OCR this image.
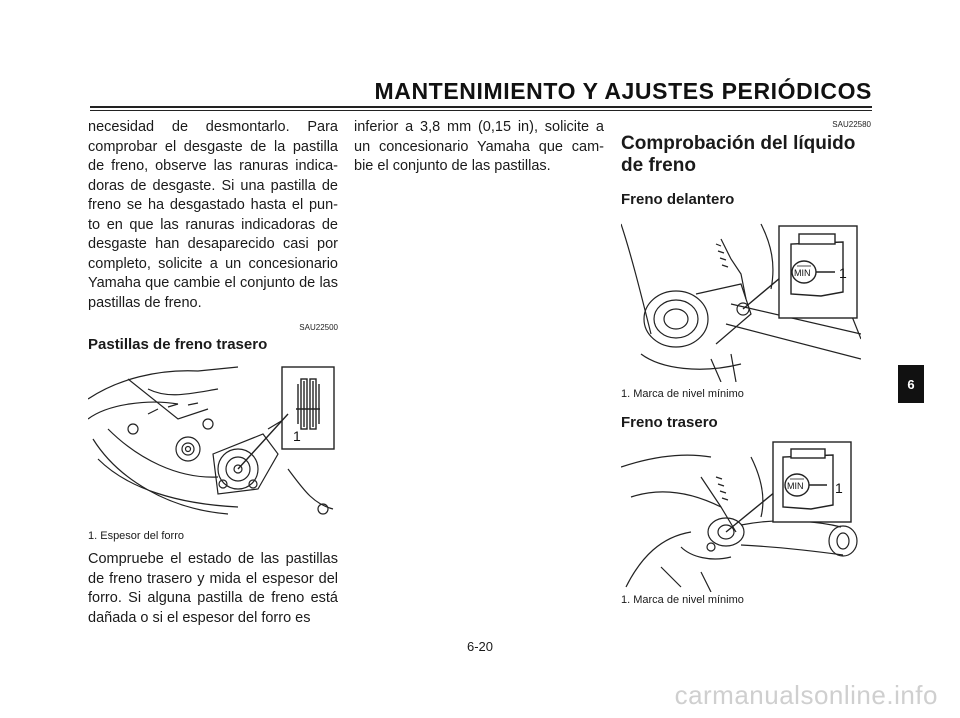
MANTENIMIENTO Y AJUSTES PERIÓDICOS

necesidad de desmontarlo. Para comprobar el desgaste de la pastilla de freno, observe las ranuras indica-doras de desgaste. Si una pastilla de freno se ha desgastado hasta el pun-to en que las ranuras indicadoras de desgaste han desaparecido casi por completo, solicite a un concesionario Yamaha que cambie el conjunto de las pastillas de freno.

SAU22500
Pastillas de freno trasero
1
1. Espesor del forro

Compruebe el estado de las pastillas de freno trasero y mida el espesor del forro. Si alguna pastilla de freno está dañada o si el espesor del forro es

inferior a 3,8 mm (0,15 in), solicite a un concesionario Yamaha que cam-bie el conjunto de las pastillas.

SAU22580
Comprobación del líquido de freno
Freno delantero
MIN 1
1. Marca de nivel mínimo
Freno trasero
MIN 1
1. Marca de nivel mínimo
6
6-20
carmanualsonline.info
